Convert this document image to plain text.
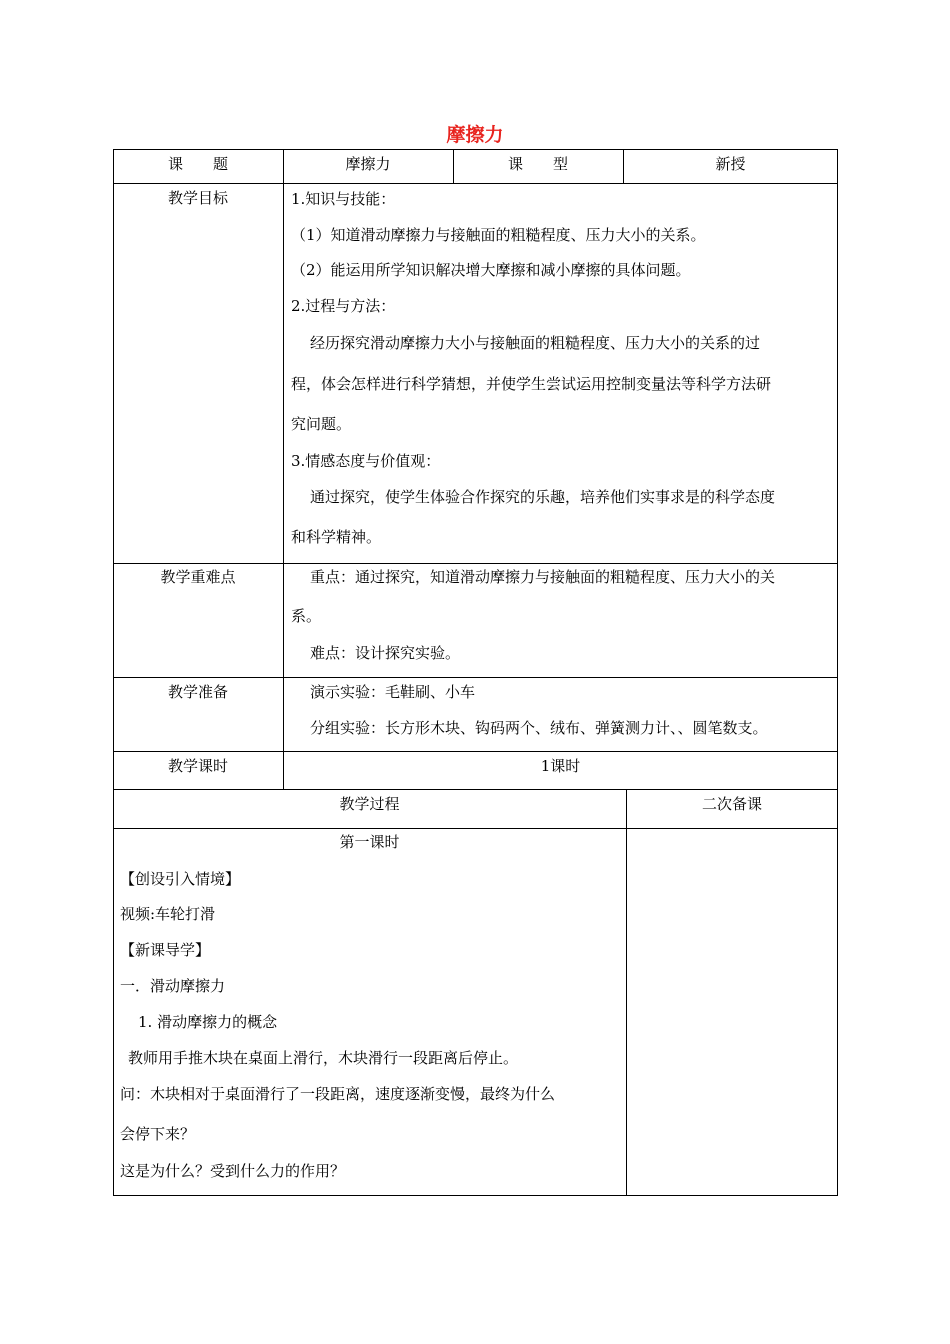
摩擦力
课　　题	摩擦力	课　　型	新授
教学目标	1.知识与技能：
（1）知道滑动摩擦力与接触面的粗糙程度、压力大小的关系。
（2）能运用所学知识解决增大摩擦和减小摩擦的具体问题。
2.过程与方法：
经历探究滑动摩擦力大小与接触面的粗糙程度、压力大小的关系的过
程，体会怎样进行科学猜想，并使学生尝试运用控制变量法等科学方法研
究问题。
3.情感态度与价值观：
通过探究，使学生体验合作探究的乐趣，培养他们实事求是的科学态度
和科学精神。
教学重难点	重点：通过探究，知道滑动摩擦力与接触面的粗糙程度、压力大小的关
系。
难点：设计探究实验。
教学准备	演示实验：毛鞋刷、小车
分组实验：长方形木块、钩码两个、绒布、弹簧测力计、、圆笔数支。
教学课时	1课时
教学过程	二次备课
第一课时
【创设引入情境】
视频:车轮打滑
【新课导学】
一．滑动摩擦力
1. 滑动摩擦力的概念
教师用手推木块在桌面上滑行，木块滑行一段距离后停止。
问：木块相对于桌面滑行了一段距离，速度逐渐变慢，最终为什么
会停下来？
这是为什么？受到什么力的作用？
